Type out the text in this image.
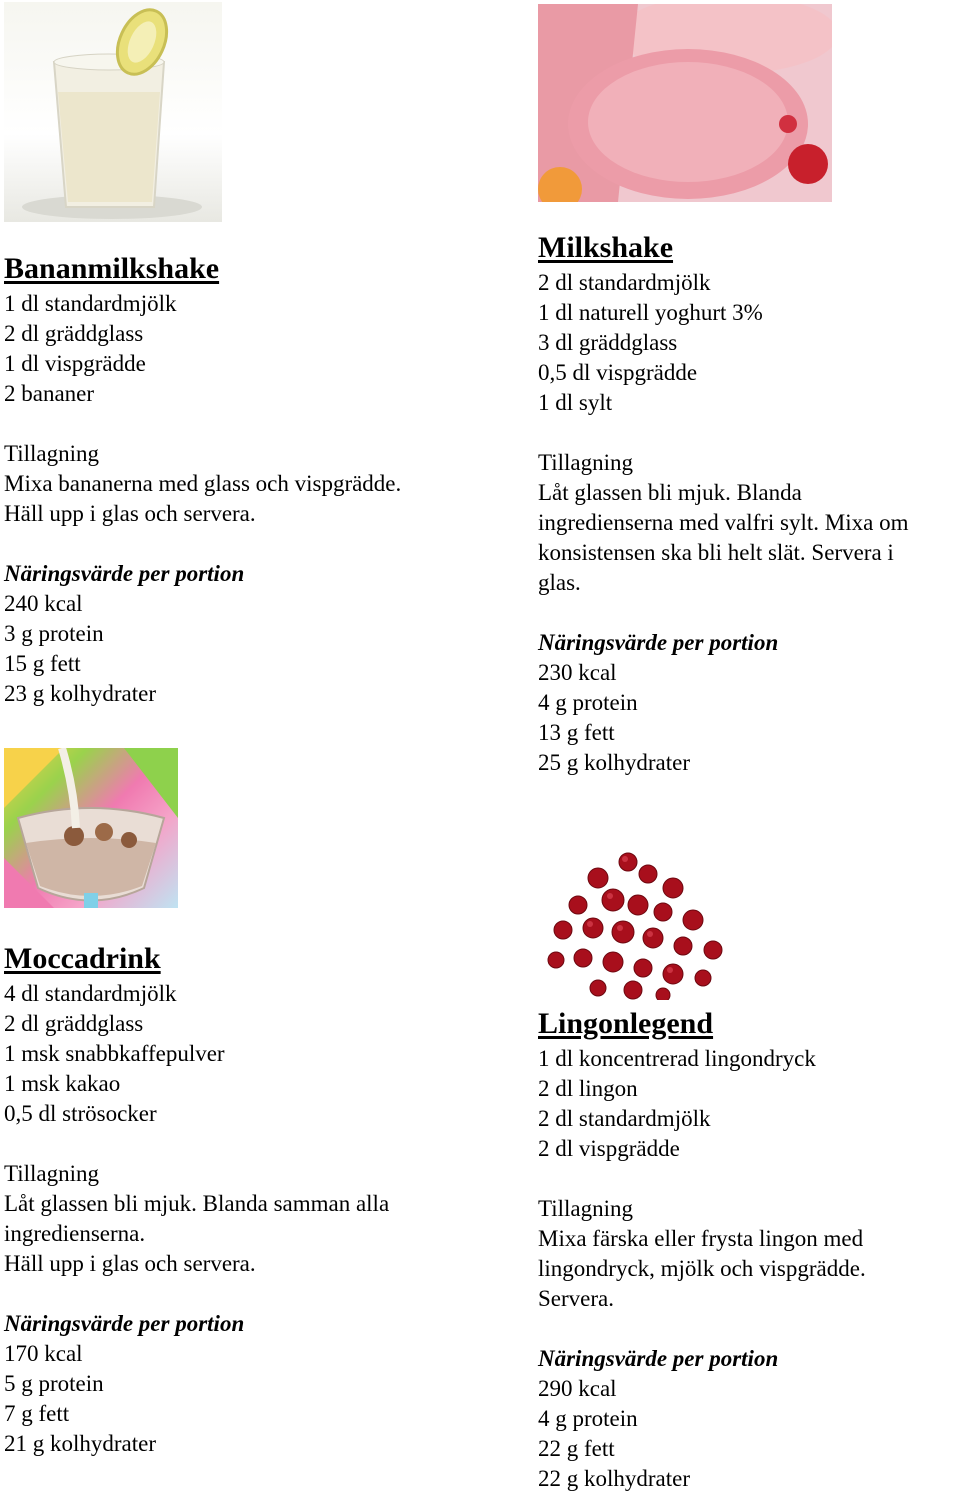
Bananmilkshake
1 dl standardmjölk
2 dl gräddglass
1 dl vispgrädde
2 bananer
Tillagning
Mixa bananerna med glass och vispgrädde.
Häll upp i glas och servera.
Näringsvärde per portion
240 kcal
3 g protein
15 g fett
23 g kolhydrater
Milkshake
2 dl standardmjölk
1 dl naturell yoghurt 3%
3 dl gräddglass
0,5 dl vispgrädde
1 dl sylt
Tillagning
Låt glassen bli mjuk. Blanda
ingredienserna med valfri sylt. Mixa om
konsistensen ska bli helt slät. Servera i
glas.
Näringsvärde per portion
230 kcal
4 g protein
13 g fett
25 g kolhydrater
Moccadrink
4 dl standardmjölk
2 dl gräddglass
1 msk snabbkaffepulver
1 msk kakao
0,5 dl strösocker
Tillagning
Låt glassen bli mjuk. Blanda samman alla
ingredienserna.
Häll upp i glas och servera.
Näringsvärde per portion
170 kcal
5 g protein
7 g fett
21 g kolhydrater
Lingonlegend
1 dl koncentrerad lingondryck
2 dl lingon
2 dl standardmjölk
2 dl vispgrädde
Tillagning
Mixa färska eller frysta lingon med
lingondryck, mjölk och vispgrädde.
Servera.
Näringsvärde per portion
290 kcal
4 g protein
22 g fett
22 g kolhydrater
